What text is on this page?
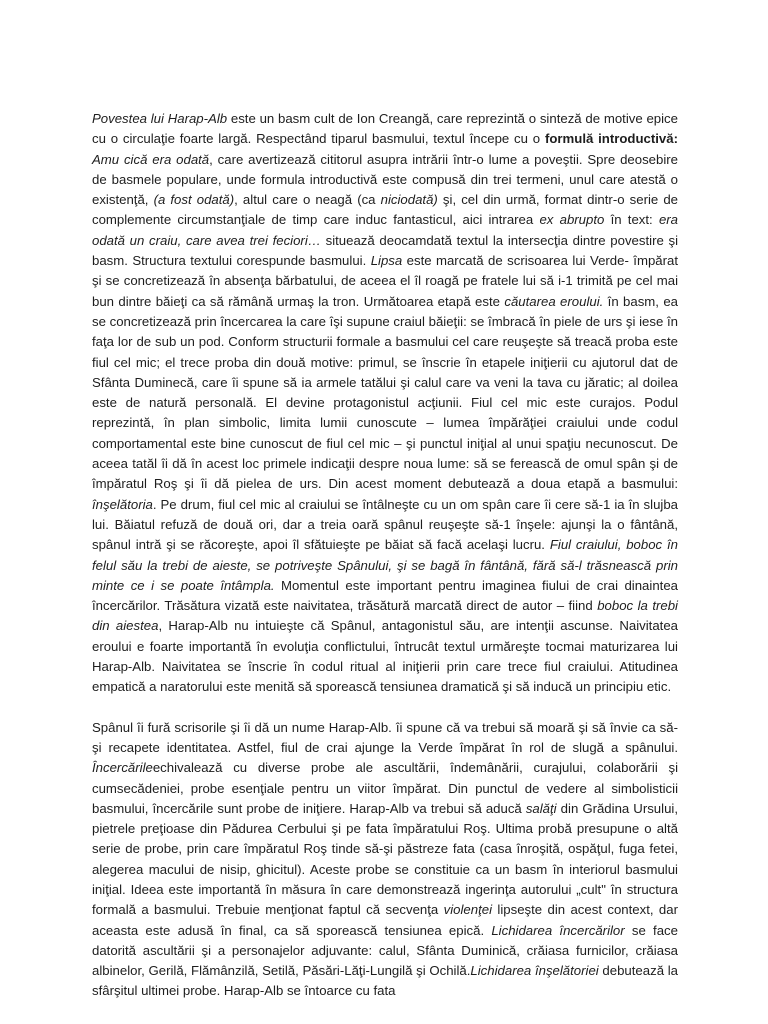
Povestea lui Harap-Alb este un basm cult de Ion Creangă, care reprezintă o sinteză de motive epice cu o circulaţie foarte largă. Respectând tiparul basmului, textul începe cu o formulă introductivă: Amu cică era odată, care avertizează cititorul asupra intrării într-o lume a poveştii. Spre deosebire de basmele populare, unde formula introductivă este compusă din trei termeni, unul care atestă o existenţă, (a fost odată), altul care o neagă (ca niciodată) şi, cel din urmă, format dintr-o serie de complemente circumstanţiale de timp care induc fantasticul, aici intrarea ex abrupto în text: era odată un craiu, care avea trei feciori… situează deocamdată textul la intersecţia dintre povestire şi basm. Structura textului corespunde basmului. Lipsa este marcată de scrisoarea lui Verde- împărat şi se concretizează în absenţa bărbatului, de aceea el îl roagă pe fratele lui să i-1 trimită pe cel mai bun dintre băieţi ca să rămână urmaş la tron. Următoarea etapă este căutarea eroului. în basm, ea se concretizează prin încercarea la care îşi supune craiul băieţii: se îmbracă în piele de urs şi iese în faţa lor de sub un pod. Conform structurii formale a basmului cel care reuşeşte să treacă proba este fiul cel mic; el trece proba din două motive: primul, se înscrie în etapele iniţierii cu ajutorul dat de Sfânta Duminecă, care îi spune să ia armele tatălui şi calul care va veni la tava cu jăratic; al doilea este de natură personală. El devine protagonistul acţiunii. Fiul cel mic este curajos. Podul reprezintă, în plan simbolic, limita lumii cunoscute – lumea împărăţiei craiului unde codul comportamental este bine cunoscut de fiul cel mic – şi punctul iniţial al unui spaţiu necunoscut. De aceea tatăl îi dă în acest loc primele indicaţii despre noua lume: să se ferească de omul spân şi de împăratul Roş şi îi dă pielea de urs. Din acest moment debutează a doua etapă a basmului: înşelătoria. Pe drum, fiul cel mic al craiului se întâlneşte cu un om spân care îi cere să-1 ia în slujba lui. Băiatul refuză de două ori, dar a treia oară spânul reuşeşte să-1 înşele: ajunşi la o fântână, spânul intră şi se răcoreşte, apoi îl sfătuieşte pe băiat să facă acelaşi lucru. Fiul craiului, boboc în felul său la trebi de aieste, se potriveşte Spânului, şi se bagă în fântână, fără să-l trăsnească prin minte ce i se poate întâmpla. Momentul este important pentru imaginea fiului de crai dinaintea încercărilor. Trăsătura vizată este naivitatea, trăsătură marcată direct de autor – fiind boboc la trebi din aiestea, Harap-Alb nu intuieşte că Spânul, antagonistul său, are intenţii ascunse. Naivitatea eroului e foarte importantă în evoluţia conflictului, întrucât textul urmăreşte tocmai maturizarea lui Harap-Alb. Naivitatea se înscrie în codul ritual al iniţierii prin care trece fiul craiului. Atitudinea empatică a naratorului este menită să sporească tensiunea dramatică şi să inducă un principiu etic.

Spânul îi fură scrisorile şi îi dă un nume Harap-Alb. îi spune că va trebui să moară şi să învie ca să-şi recapete identitatea. Astfel, fiul de crai ajunge la Verde împărat în rol de slugă a spânului. Încercărileechivalează cu diverse probe ale ascultării, îndemânării, curajului, colaborării şi cumsecădeniei, probe esenţiale pentru un viitor împărat. Din punctul de vedere al simbolisticii basmului, încercările sunt probe de iniţiere. Harap-Alb va trebui să aducă salăţi din Grădina Ursului, pietrele preţioase din Pădurea Cerbului şi pe fata împăratului Roş. Ultima probă presupune o altă serie de probe, prin care împăratul Roş tinde să-şi păstreze fata (casa înroşită, ospăţul, fuga fetei, alegerea macului de nisip, ghicitul). Aceste probe se constituie ca un basm în interiorul basmului iniţial. Ideea este importantă în măsura în care demonstrează ingerinţa autorului „cult" în structura formală a basmului. Trebuie menţionat faptul că secvenţa violenţei lipseşte din acest context, dar aceasta este adusă în final, ca să sporească tensiunea epică. Lichidarea încercărilor se face datorită ascultării şi a personajelor adjuvante: calul, Sfânta Duminică, crăiasa furnicilor, crăiasa albinelor, Gerilă, Flămânzilă, Setilă, Păsări-Lăţi-Lungilă şi Ochilă.Lichidarea înşelătoriei debutează la sfârşitul ultimei probe. Harap-Alb se întoarce cu fata
